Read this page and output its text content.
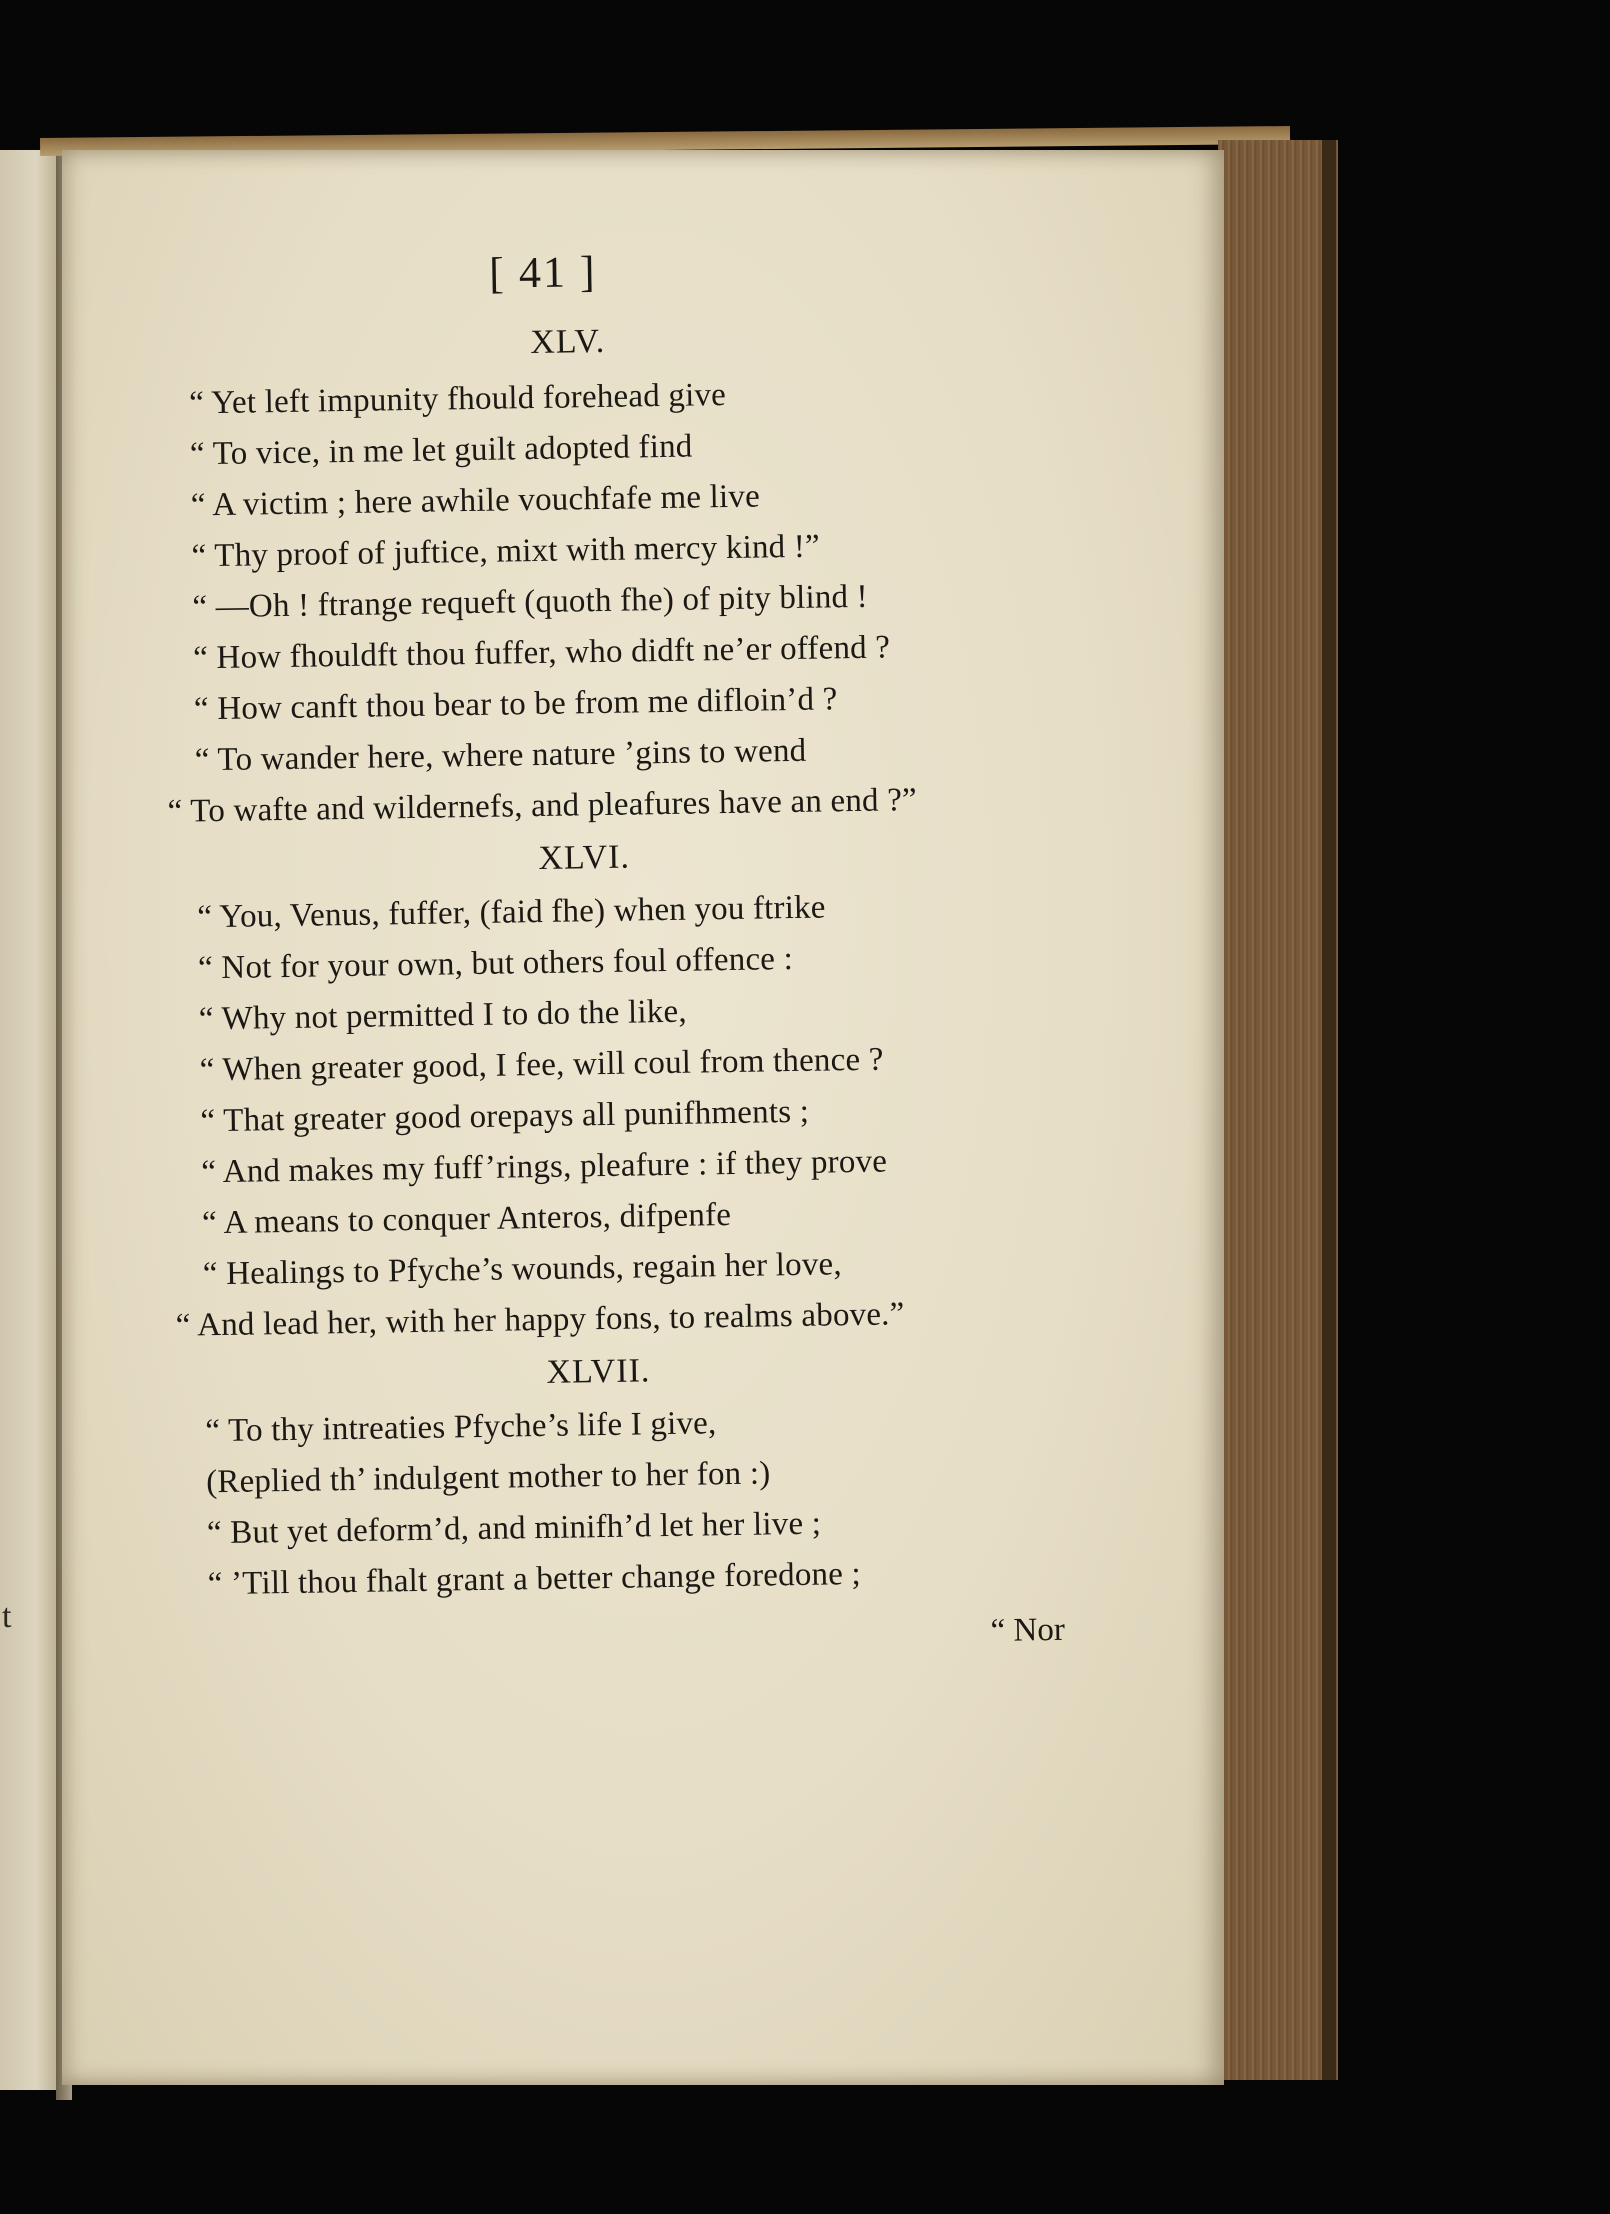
t
[ 41 ]
XLV.
“ Yet left impunity fhould forehead give
“ To vice, in me let guilt adopted find
“ A victim ; here awhile vouchfafe me live
“ Thy proof of juftice, mixt with mercy kind !”
“ —Oh ! ftrange requeft (quoth fhe) of pity blind !
“ How fhouldft thou fuffer, who didft ne’er offend ?
“ How canft thou bear to be from me difloin’d ?
“ To wander here, where nature ’gins to wend
“ To wafte and wildernefs, and pleafures have an end ?”
XLVI.
“ You, Venus, fuffer, (faid fhe) when you ftrike
“ Not for your own, but others foul offence :
“ Why not permitted I to do the like,
“ When greater good, I fee, will coul from thence ?
“ That greater good orepays all punifhments ;
“ And makes my fuff’rings, pleafure : if they prove
“ A means to conquer Anteros, difpenfe
“ Healings to Pfyche’s wounds, regain her love,
“ And lead her, with her happy fons, to realms above.”
XLVII.
“ To thy intreaties Pfyche’s life I give,
(Replied th’ indulgent mother to her fon :)
“ But yet deform’d, and minifh’d let her live ;
“ ’Till thou fhalt grant a better change foredone ;
“ Nor
